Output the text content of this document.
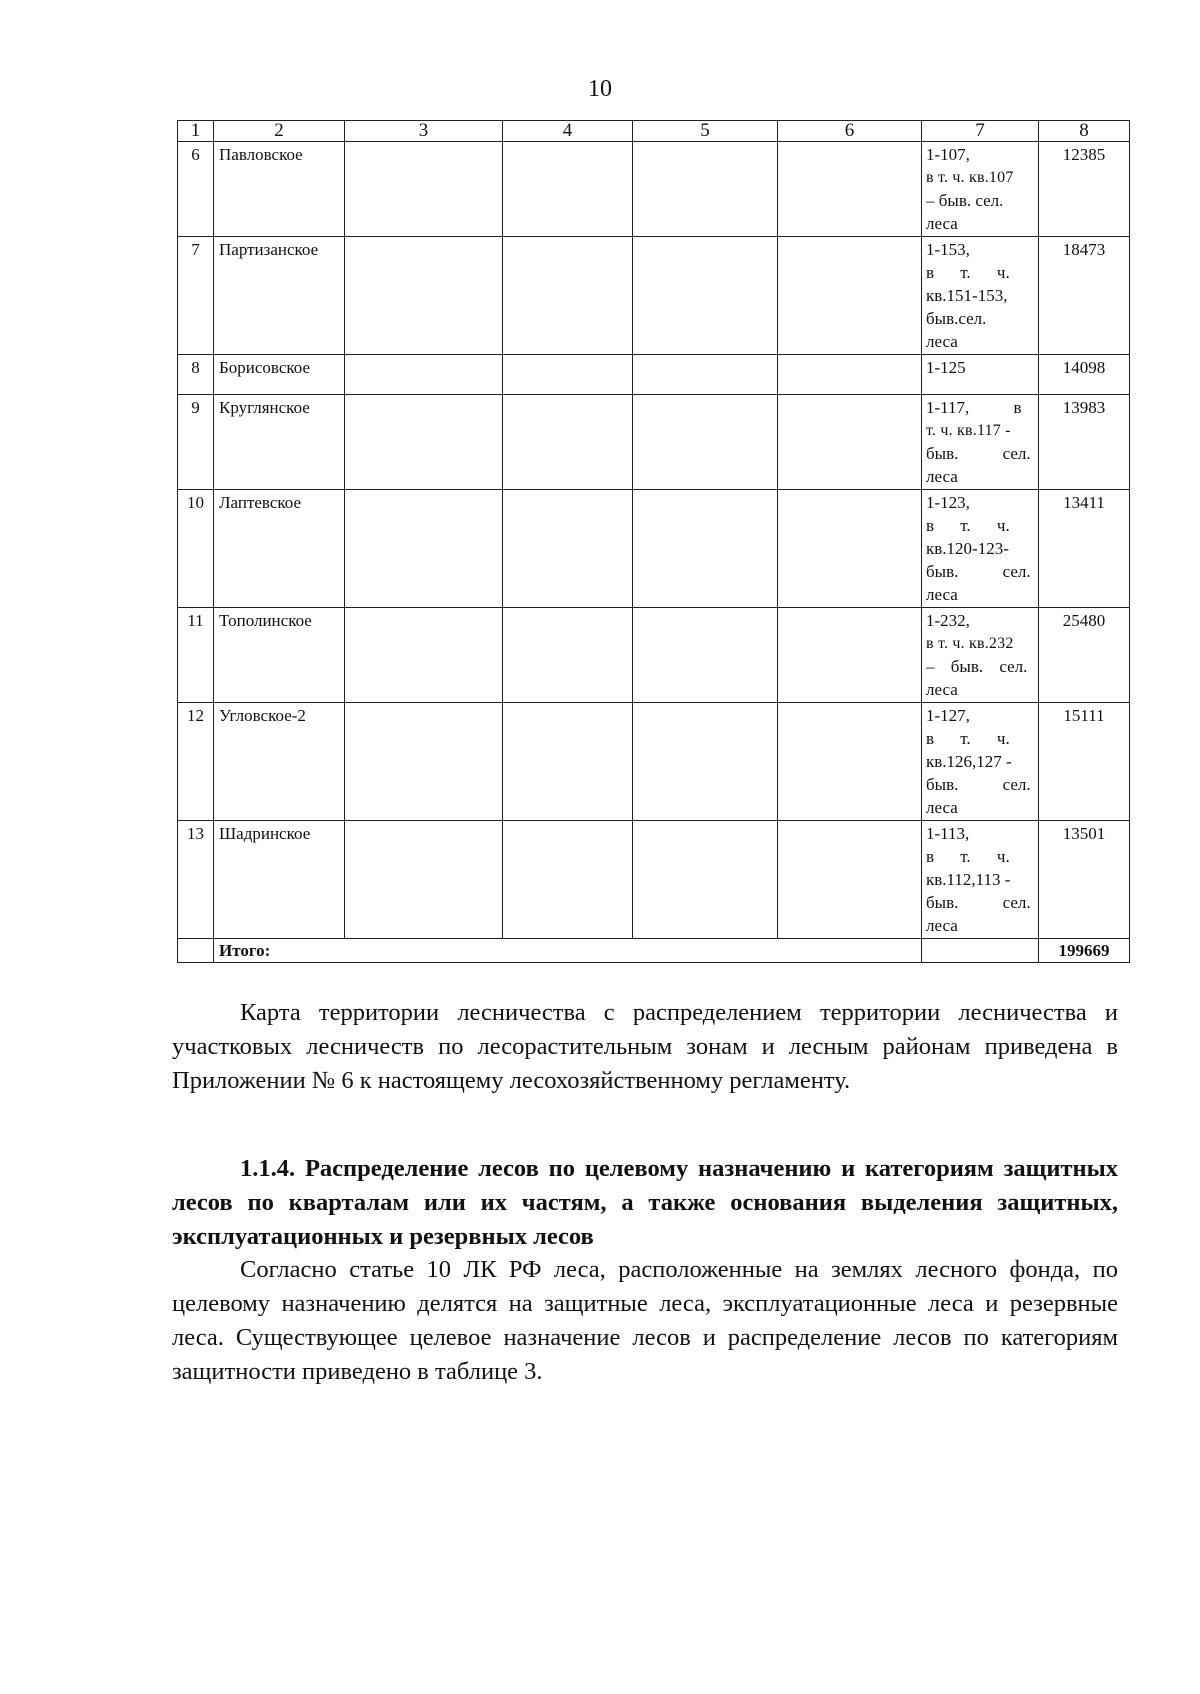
10
1	2	3	4	5	6	7	8
6	Павловское					1-107,
в т. ч. кв.107
– быв. сел.
леса	12385
7	Партизанское					1-153,
в т. ч.
кв.151-153,
быв.сел.
леса	18473
8	Борисовское					1-125	14098
9	Круглянское					1-117, в
т. ч. кв.117 -
быв. сел.
леса	13983
10	Лаптевское					1-123,
в т. ч.
кв.120-123-
быв. сел.
леса	13411
11	Тополинское					1-232,
в т. ч. кв.232
– быв. сел.
леса	25480
12	Угловское-2					1-127,
в т. ч.
кв.126,127 -
быв. сел.
леса	15111
13	Шадринское					1-113,
в т. ч.
кв.112,113 -
быв. сел.
леса	13501
	Итого:						199669

Карта территории лесничества с распределением территории лесничества и участковых лесничеств по лесорастительным зонам и лесным районам приведена в Приложении № 6 к настоящему лесохозяйственному регламенту.

1.1.4. Распределение лесов по целевому назначению и категориям защитных лесов по кварталам или их частям, а также основания выделения защитных, эксплуатационных и резервных лесов

Согласно статье 10 ЛК РФ леса, расположенные на землях лесного фонда, по целевому назначению делятся на защитные леса, эксплуатационные леса и резервные леса. Существующее целевое назначение лесов и распределение лесов по категориям защитности приведено в таблице 3.
